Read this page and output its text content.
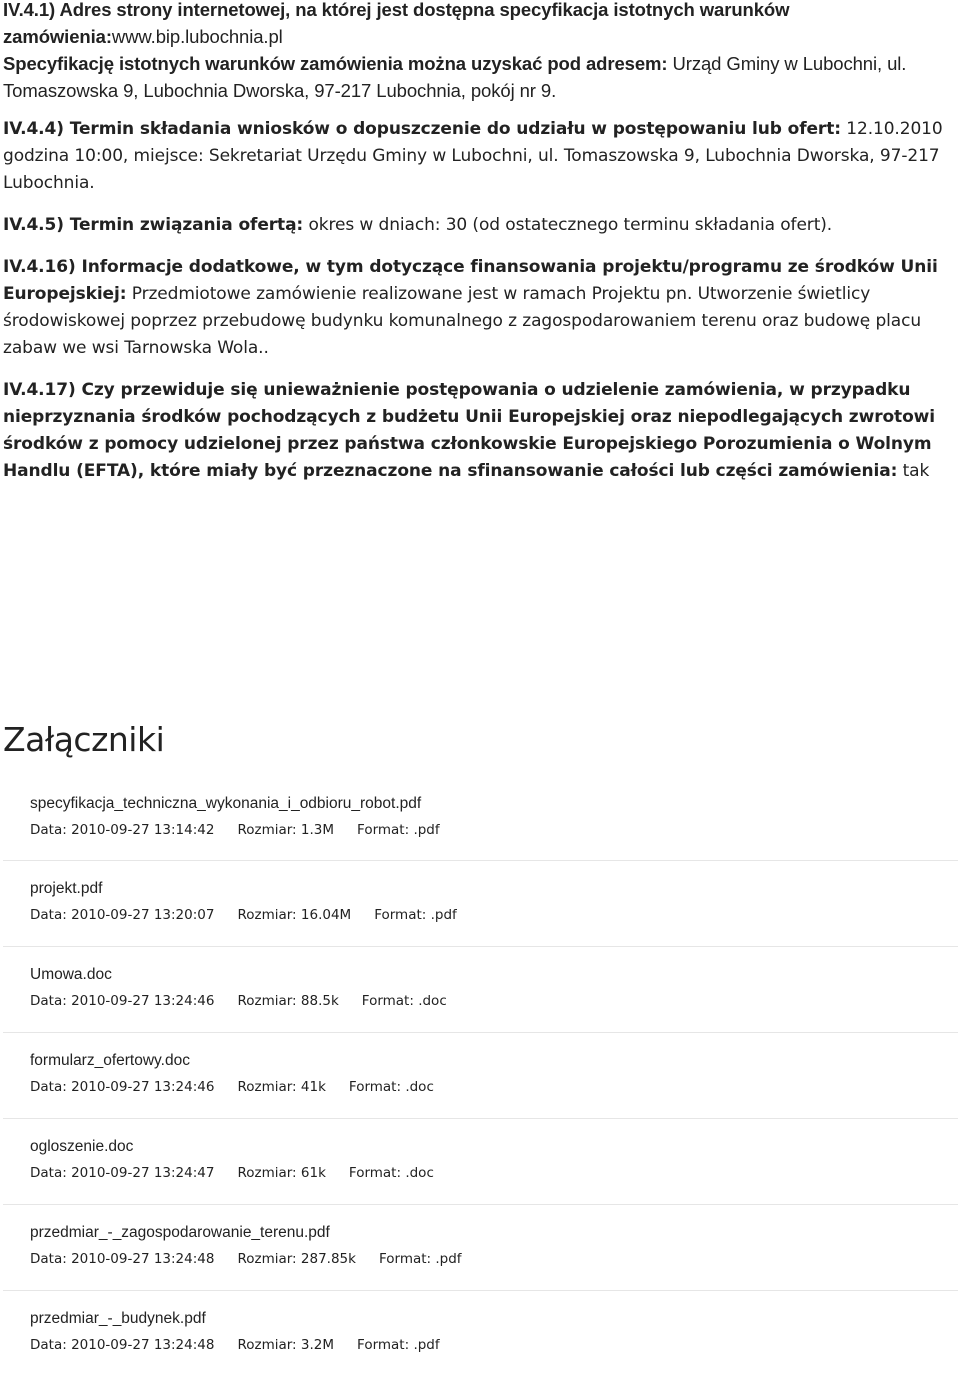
IV.4.1) Adres strony internetowej, na której jest dostępna specyfikacja istotnych warunków zamówienia:www.bip.lubochnia.pl
Specyfikację istotnych warunków zamówienia można uzyskać pod adresem: Urząd Gminy w Lubochni, ul. Tomaszowska 9, Lubochnia Dworska, 97-217 Lubochnia, pokój nr 9.

IV.4.4) Termin składania wniosków o dopuszczenie do udziału w postępowaniu lub ofert: 12.10.2010 godzina 10:00, miejsce: Sekretariat Urzędu Gminy w Lubochni, ul. Tomaszowska 9, Lubochnia Dworska, 97-217 Lubochnia.

IV.4.5) Termin związania ofertą: okres w dniach: 30 (od ostatecznego terminu składania ofert).

IV.4.16) Informacje dodatkowe, w tym dotyczące finansowania projektu/programu ze środków Unii Europejskiej: Przedmiotowe zamówienie realizowane jest w ramach Projektu pn. Utworzenie świetlicy środowiskowej poprzez przebudowę budynku komunalnego z zagospodarowaniem terenu oraz budowę placu zabaw we wsi Tarnowska Wola..

IV.4.17) Czy przewiduje się unieważnienie postępowania o udzielenie zamówienia, w przypadku nieprzyznania środków pochodzących z budżetu Unii Europejskiej oraz niepodlegających zwrotowi środków z pomocy udzielonej przez państwa członkowskie Europejskiego Porozumienia o Wolnym Handlu (EFTA), które miały być przeznaczone na sfinansowanie całości lub części zamówienia: tak

Załączniki
specyfikacja_techniczna_wykonania_i_odbioru_robot.pdf
Data: 2010-09-27 13:14:42 Rozmiar: 1.3M Format: .pdf
projekt.pdf
Data: 2010-09-27 13:20:07 Rozmiar: 16.04M Format: .pdf
Umowa.doc
Data: 2010-09-27 13:24:46 Rozmiar: 88.5k Format: .doc
formularz_ofertowy.doc
Data: 2010-09-27 13:24:46 Rozmiar: 41k Format: .doc
ogloszenie.doc
Data: 2010-09-27 13:24:47 Rozmiar: 61k Format: .doc
przedmiar_-_zagospodarowanie_terenu.pdf
Data: 2010-09-27 13:24:48 Rozmiar: 287.85k Format: .pdf
przedmiar_-_budynek.pdf
Data: 2010-09-27 13:24:48 Rozmiar: 3.2M Format: .pdf
